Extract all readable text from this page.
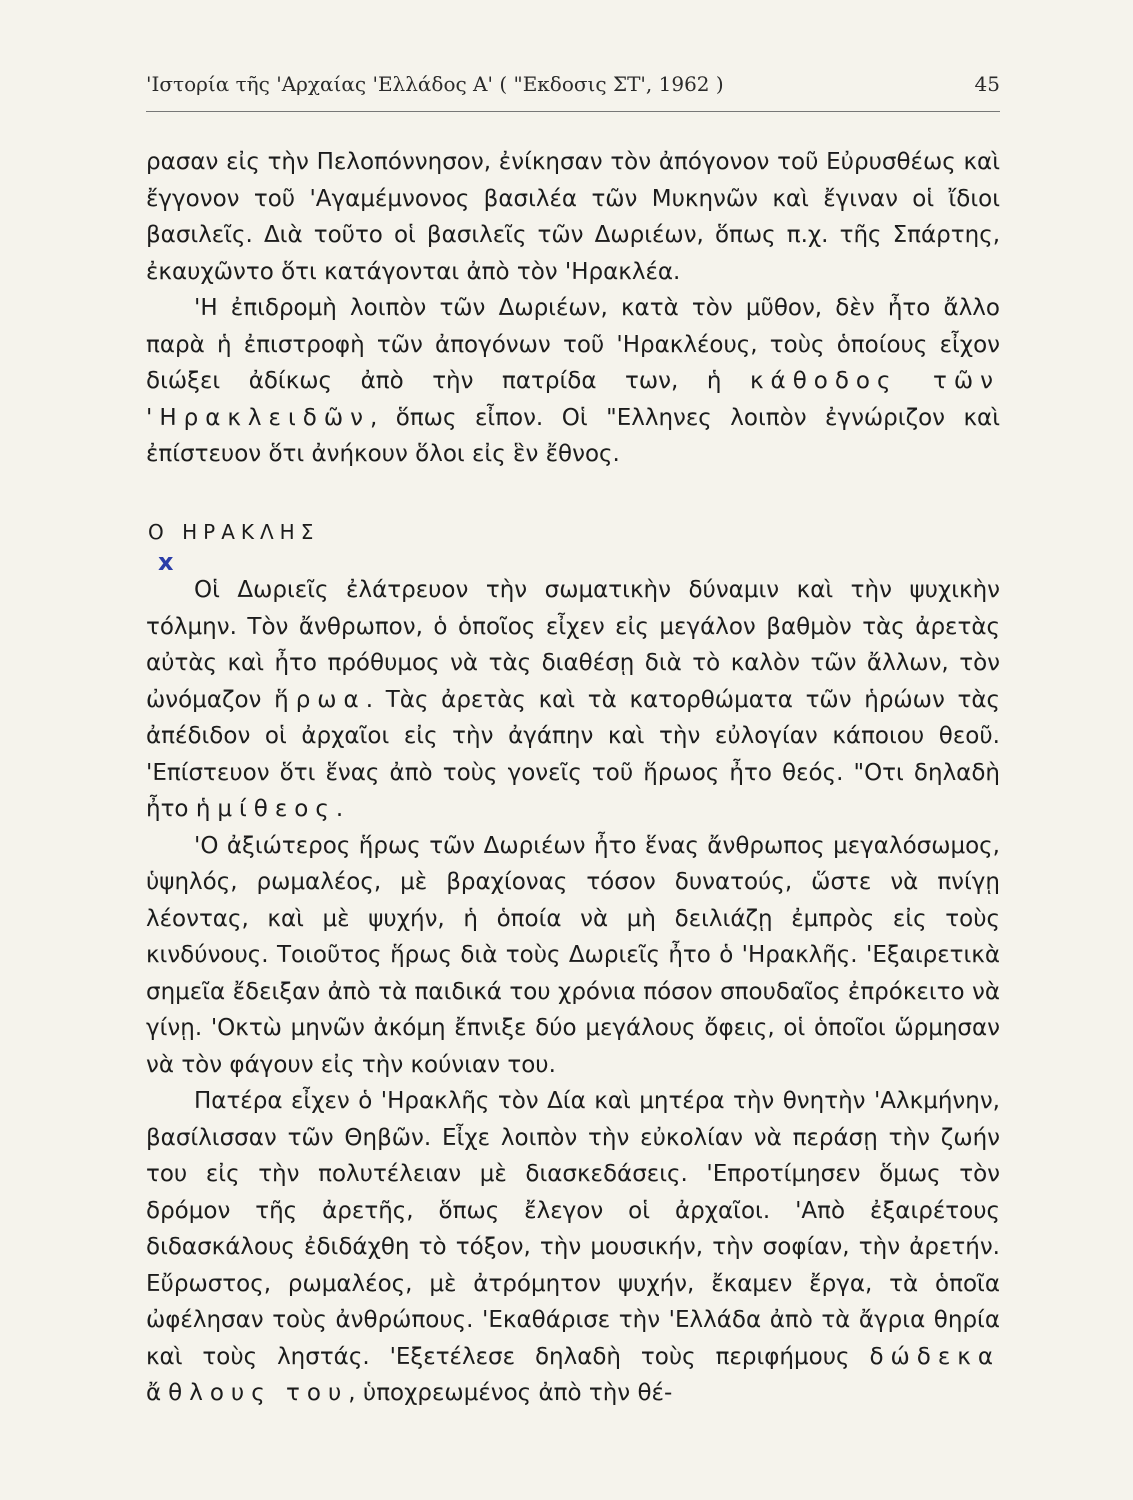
'Ιστορία τῆς 'Αρχαίας 'Ελλάδος Α' ( "Εκδοσις ΣΤ', 1962 )	45

ρασαν εἰς τὴν Πελοπόννησον, ἐνίκησαν τὸν ἀπόγονον τοῦ Εὐρυσθέως καὶ ἔγγονον τοῦ 'Αγαμέμνονος βασιλέα τῶν Μυκηνῶν καὶ ἔγιναν οἱ ἴδιοι βασιλεῖς. Διὰ τοῦτο οἱ βασιλεῖς τῶν Δωριέων, ὅπως π.χ. τῆς Σπάρτης, ἐκαυχῶντο ὅτι κατάγονται ἀπὸ τὸν 'Ηρακλέα.

'Η ἐπιδρομὴ λοιπὸν τῶν Δωριέων, κατὰ τὸν μῦθον, δὲν ἦτο ἄλλο παρὰ ἡ ἐπιστροφὴ τῶν ἀπογόνων τοῦ 'Ηρακλέους, τοὺς ὁποίους εἶχον διώξει ἀδίκως ἀπὸ τὴν πατρίδα των, ἡ κάθοδος τῶν 'Ηρακλειδῶν, ὅπως εἶπον. Οἱ "Ελληνες λοιπὸν ἐγνώριζον καὶ ἐπίστευον ὅτι ἀνήκουν ὅλοι εἰς ἓν ἔθνος.

Ο ΗΡΑΚΛΗΣ
x

Οἱ Δωριεῖς ἐλάτρευον τὴν σωματικὴν δύναμιν καὶ τὴν ψυχικὴν τόλμην. Τὸν ἄνθρωπον, ὁ ὁποῖος εἶχεν εἰς μεγάλον βαθμὸν τὰς ἀρετὰς αὐτὰς καὶ ἦτο πρόθυμος νὰ τὰς διαθέσῃ διὰ τὸ καλὸν τῶν ἄλλων, τὸν ὠνόμαζον ἥρωα. Τὰς ἀρετὰς καὶ τὰ κατορθώματα τῶν ἡρώων τὰς ἀπέδιδον οἱ ἀρχαῖοι εἰς τὴν ἀγάπην καὶ τὴν εὐλογίαν κάποιου θεοῦ. 'Επίστευον ὅτι ἕνας ἀπὸ τοὺς γονεῖς τοῦ ἥρωος ἦτο θεός. "Οτι δηλαδὴ ἦτο ἡμίθεος.

'Ο ἀξιώτερος ἥρως τῶν Δωριέων ἦτο ἕνας ἄνθρωπος μεγαλόσωμος, ὑψηλός, ρωμαλέος, μὲ βραχίονας τόσον δυνατούς, ὥστε νὰ πνίγῃ λέοντας, καὶ μὲ ψυχήν, ἡ ὁποία νὰ μὴ δειλιάζῃ ἐμπρὸς εἰς τοὺς κινδύνους. Τοιοῦτος ἥρως διὰ τοὺς Δωριεῖς ἦτο ὁ 'Ηρακλῆς. 'Εξαιρετικὰ σημεῖα ἔδειξαν ἀπὸ τὰ παιδικά του χρόνια πόσον σπουδαῖος ἐπρόκειτο νὰ γίνῃ. 'Οκτὼ μηνῶν ἀκόμη ἔπνιξε δύο μεγάλους ὄφεις, οἱ ὁποῖοι ὥρμησαν νὰ τὸν φάγουν εἰς τὴν κούνιαν του.

Πατέρα εἶχεν ὁ 'Ηρακλῆς τὸν Δία καὶ μητέρα τὴν θνητὴν 'Αλκμήνην, βασίλισσαν τῶν Θηβῶν. Εἶχε λοιπὸν τὴν εὐκολίαν νὰ περάσῃ τὴν ζωήν του εἰς τὴν πολυτέλειαν μὲ διασκεδάσεις. 'Επροτίμησεν ὅμως τὸν δρόμον τῆς ἀρετῆς, ὅπως ἔλεγον οἱ ἀρχαῖοι. 'Απὸ ἐξαιρέτους διδασκάλους ἐδιδάχθη τὸ τόξον, τὴν μουσικήν, τὴν σοφίαν, τὴν ἀρετήν. Εὔρωστος, ρωμαλέος, μὲ ἀτρόμητον ψυχήν, ἔκαμεν ἔργα, τὰ ὁποῖα ὠφέλησαν τοὺς ἀνθρώπους. 'Εκαθάρισε τὴν 'Ελλάδα ἀπὸ τὰ ἄγρια θηρία καὶ τοὺς ληστάς. 'Εξετέλεσε δηλαδὴ τοὺς περιφήμους δώδεκα ἄθλους του, ὑποχρεωμένος ἀπὸ τὴν θέ-
